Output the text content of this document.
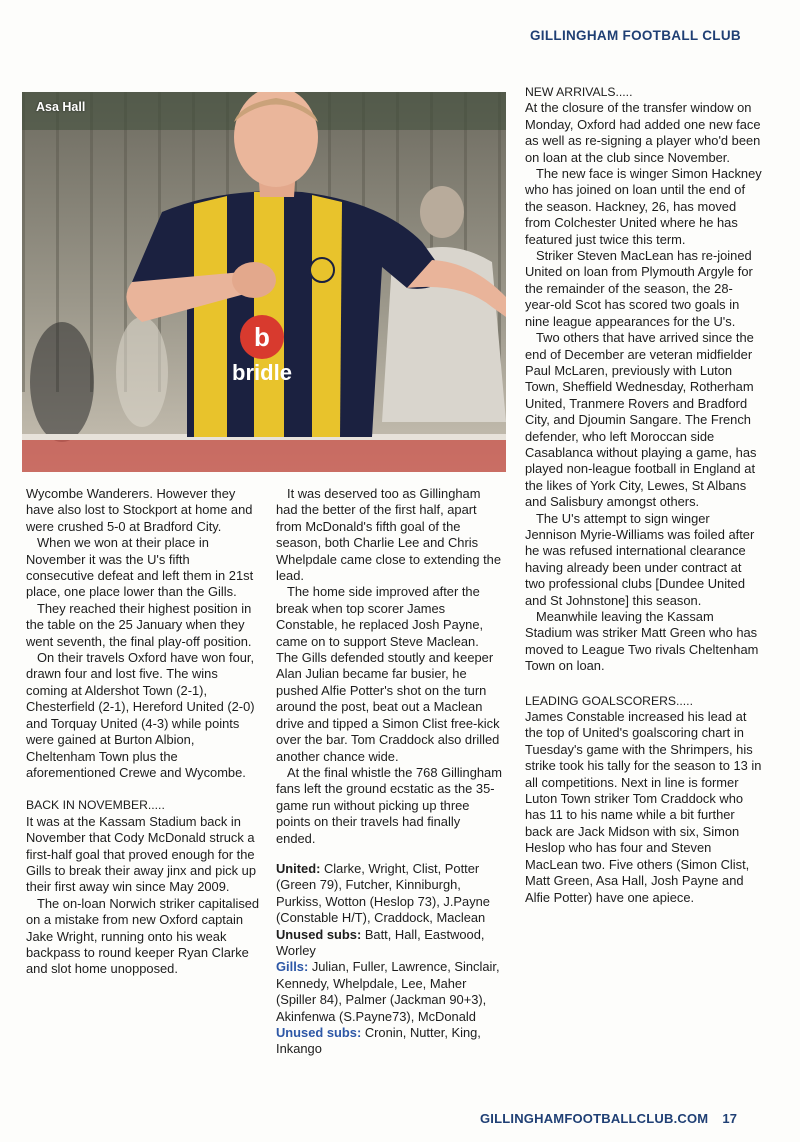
GILLINGHAM FOOTBALL CLUB
b
bridle
Asa Hall

Wycombe Wanderers. However they have also lost to Stockport at home and were crushed 5-0 at Bradford City.

When we won at their place in November it was the U's fifth consecutive defeat and left them in 21st place, one place lower than the Gills.

They reached their highest position in the table on the 25 January when they went seventh, the final play-off position.

On their travels Oxford have won four, drawn four and lost five. The wins coming at Aldershot Town (2-1), Chesterfield (2-1), Hereford United (2-0) and Torquay United (4-3) while points were gained at Burton Albion, Cheltenham Town plus the aforementioned Crewe and Wycombe.

BACK IN NOVEMBER.....

It was at the Kassam Stadium back in November that Cody McDonald struck a first-half goal that proved enough for the Gills to break their away jinx and pick up their first away win since May 2009.

The on-loan Norwich striker capitalised on a mistake from new Oxford captain Jake Wright, running onto his weak backpass to round keeper Ryan Clarke and slot home unopposed.

It was deserved too as Gillingham had the better of the first half, apart from McDonald's fifth goal of the season, both Charlie Lee and Chris Whelpdale came close to extending the lead.

The home side improved after the break when top scorer James Constable, he replaced Josh Payne, came on to support Steve Maclean. The Gills defended stoutly and keeper Alan Julian became far busier, he pushed Alfie Potter's shot on the turn around the post, beat out a Maclean drive and tipped a Simon Clist free-kick over the bar. Tom Craddock also drilled another chance wide.

At the final whistle the 768 Gillingham fans left the ground ecstatic as the 35-game run without picking up three points on their travels had finally ended.

United: Clarke, Wright, Clist, Potter (Green 79), Futcher, Kinniburgh, Purkiss, Wotton (Heslop 73), J.Payne (Constable H/T), Craddock, Maclean

Unused subs: Batt, Hall, Eastwood, Worley

Gills: Julian, Fuller, Lawrence, Sinclair, Kennedy, Whelpdale, Lee, Maher (Spiller 84), Palmer (Jackman 90+3), Akinfenwa (S.Payne73), McDonald

Unused subs: Cronin, Nutter, King, Inkango

NEW ARRIVALS.....

At the closure of the transfer window on Monday, Oxford had added one new face as well as re-signing a player who'd been on loan at the club since November.

The new face is winger Simon Hackney who has joined on loan until the end of the season. Hackney, 26, has moved from Colchester United where he has featured just twice this term.

Striker Steven MacLean has re-joined United on loan from Plymouth Argyle for the remainder of the season, the 28-year-old Scot has scored two goals in nine league appearances for the U's.

Two others that have arrived since the end of December are veteran midfielder Paul McLaren, previously with Luton Town, Sheffield Wednesday, Rotherham United, Tranmere Rovers and Bradford City, and Djoumin Sangare. The French defender, who left Moroccan side Casablanca without playing a game, has played non-league football in England at the likes of York City, Lewes, St Albans and Salisbury amongst others.

The U's attempt to sign winger Jennison Myrie-Williams was foiled after he was refused international clearance having already been under contract at two professional clubs [Dundee United and St Johnstone] this season.

Meanwhile leaving the Kassam Stadium was striker Matt Green who has moved to League Two rivals Cheltenham Town on loan.

LEADING GOALSCORERS.....

James Constable increased his lead at the top of United's goalscoring chart in Tuesday's game with the Shrimpers, his strike took his tally for the season to 13 in all competitions. Next in line is former Luton Town striker Tom Craddock who has 11 to his name while a bit further back are Jack Midson with six, Simon Heslop who has four and Steven MacLean two. Five others (Simon Clist, Matt Green, Asa Hall, Josh Payne and Alfie Potter) have one apiece.

GILLINGHAMFOOTBALLCLUB.COM 17
